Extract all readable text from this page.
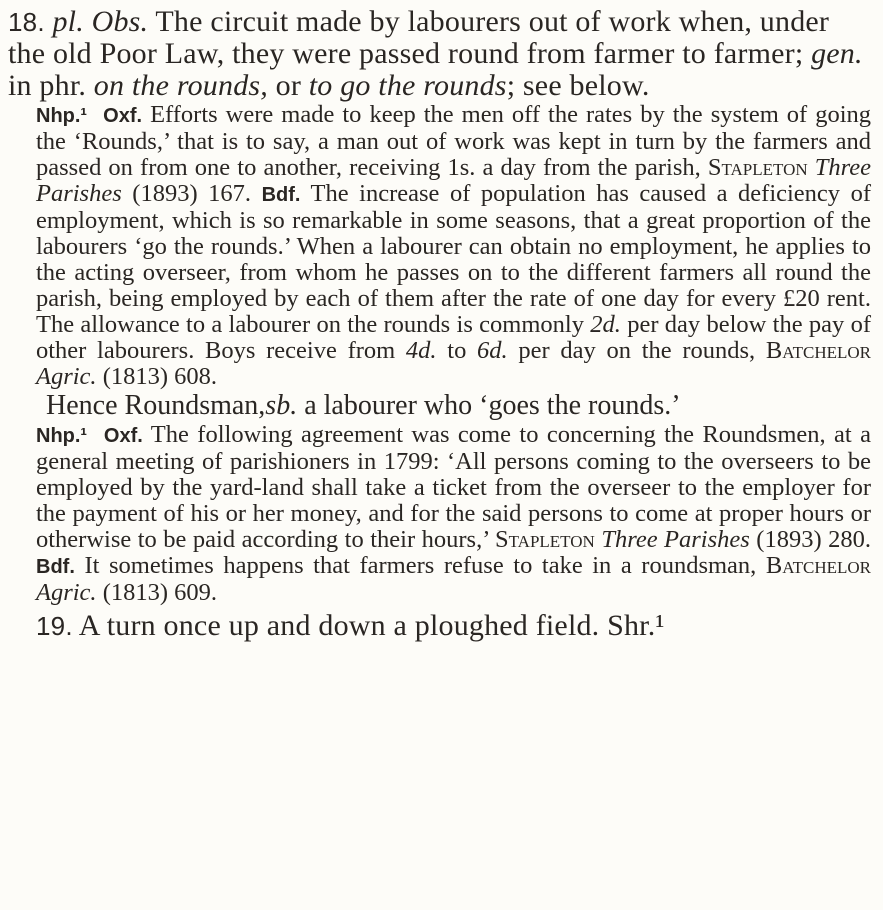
18. pl. Obs. The circuit made by labourers out of work when, under the old Poor Law, they were passed round from farmer to farmer; gen. in phr. on the rounds, or to go the rounds; see below.

Nhp.¹ Oxf. Efforts were made to keep the men off the rates by the system of going the ‘Rounds,’ that is to say, a man out of work was kept in turn by the farmers and passed on from one to another, receiving 1s. a day from the parish, Stapleton Three Parishes (1893) 167. Bdf. The increase of population has caused a deficiency of employment, which is so remarkable in some seasons, that a great proportion of the labourers ‘go the rounds.’ When a labourer can obtain no employment, he applies to the acting overseer, from whom he passes on to the different farmers all round the parish, being employed by each of them after the rate of one day for every £20 rent. The allowance to a labourer on the rounds is commonly 2d. per day below the pay of other labourers. Boys receive from 4d. to 6d. per day on the rounds, Batchelor Agric. (1813) 608.

Hence Roundsman,sb. a labourer who ‘goes the rounds.’

Nhp.¹ Oxf. The following agreement was come to concerning the Roundsmen, at a general meeting of parishioners in 1799: ‘All persons coming to the overseers to be employed by the yard-land shall take a ticket from the overseer to the employer for the payment of his or her money, and for the said persons to come at proper hours or otherwise to be paid according to their hours,’ Stapleton Three Parishes (1893) 280. Bdf. It sometimes happens that farmers refuse to take in a roundsman, Batchelor Agric. (1813) 609.

19. A turn once up and down a ploughed field. Shr.¹
